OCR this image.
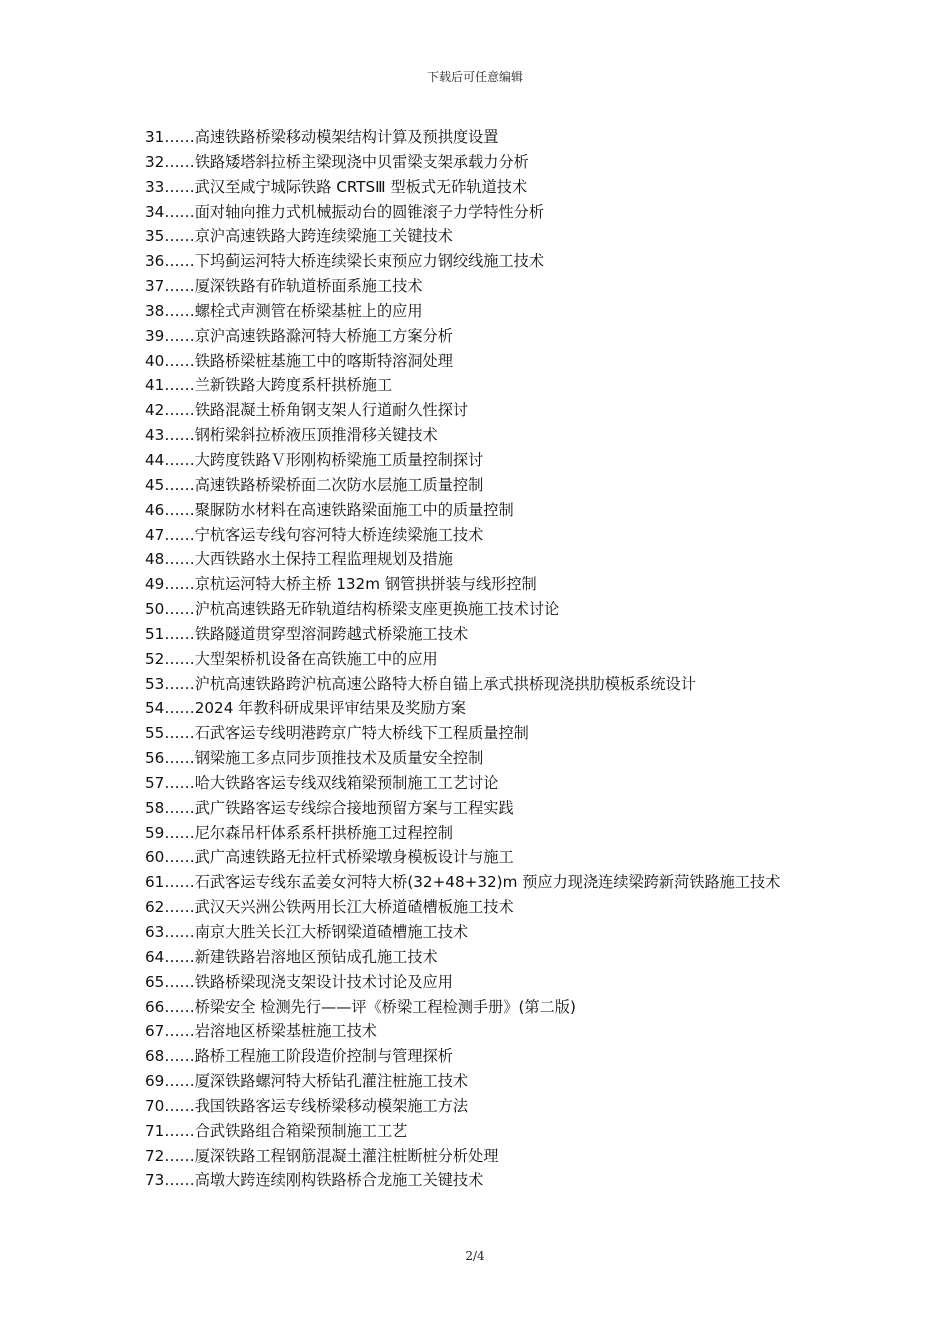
下载后可任意编辑
31……高速铁路桥梁移动模架结构计算及预拱度设置
32……铁路矮塔斜拉桥主梁现浇中贝雷梁支架承载力分析
33……武汉至咸宁城际铁路 CRTSⅢ 型板式无砟轨道技术
34……面对轴向推力式机械振动台的圆锥滚子力学特性分析
35……京沪高速铁路大跨连续梁施工关键技术
36……下坞蓟运河特大桥连续梁长束预应力钢绞线施工技术
37……厦深铁路有砟轨道桥面系施工技术
38……螺栓式声测管在桥梁基桩上的应用
39……京沪高速铁路滁河特大桥施工方案分析
40……铁路桥梁桩基施工中的喀斯特溶洞处理
41……兰新铁路大跨度系杆拱桥施工
42……铁路混凝土桥角钢支架人行道耐久性探讨
43……钢桁梁斜拉桥液压顶推滑移关键技术
44……大跨度铁路Ｖ形刚构桥梁施工质量控制探讨
45……高速铁路桥梁桥面二次防水层施工质量控制
46……聚脲防水材料在高速铁路梁面施工中的质量控制
47……宁杭客运专线句容河特大桥连续梁施工技术
48……大西铁路水土保持工程监理规划及措施
49……京杭运河特大桥主桥 132m 钢管拱拼装与线形控制
50……沪杭高速铁路无砟轨道结构桥梁支座更换施工技术讨论
51……铁路隧道贯穿型溶洞跨越式桥梁施工技术
52……大型架桥机设备在高铁施工中的应用
53……沪杭高速铁路跨沪杭高速公路特大桥自锚上承式拱桥现浇拱肋模板系统设计
54……2024 年教科研成果评审结果及奖励方案
55……石武客运专线明港跨京广特大桥线下工程质量控制
56……钢梁施工多点同步顶推技术及质量安全控制
57……哈大铁路客运专线双线箱梁预制施工工艺讨论
58……武广铁路客运专线综合接地预留方案与工程实践
59……尼尔森吊杆体系系杆拱桥施工过程控制
60……武广高速铁路无拉杆式桥梁墩身模板设计与施工
61……石武客运专线东孟姜女河特大桥(32+48+32)m 预应力现浇连续梁跨新菏铁路施工技术
62……武汉天兴洲公铁两用长江大桥道碴槽板施工技术
63……南京大胜关长江大桥钢梁道碴槽施工技术
64……新建铁路岩溶地区预钻成孔施工技术
65……铁路桥梁现浇支架设计技术讨论及应用
66……桥梁安全 检测先行——评《桥梁工程检测手册》(第二版)
67……岩溶地区桥梁基桩施工技术
68……路桥工程施工阶段造价控制与管理探析
69……厦深铁路螺河特大桥钻孔灌注桩施工技术
70……我国铁路客运专线桥梁移动模架施工方法
71……合武铁路组合箱梁预制施工工艺
72……厦深铁路工程钢筋混凝土灌注桩断桩分析处理
73……高墩大跨连续刚构铁路桥合龙施工关键技术
2/4
